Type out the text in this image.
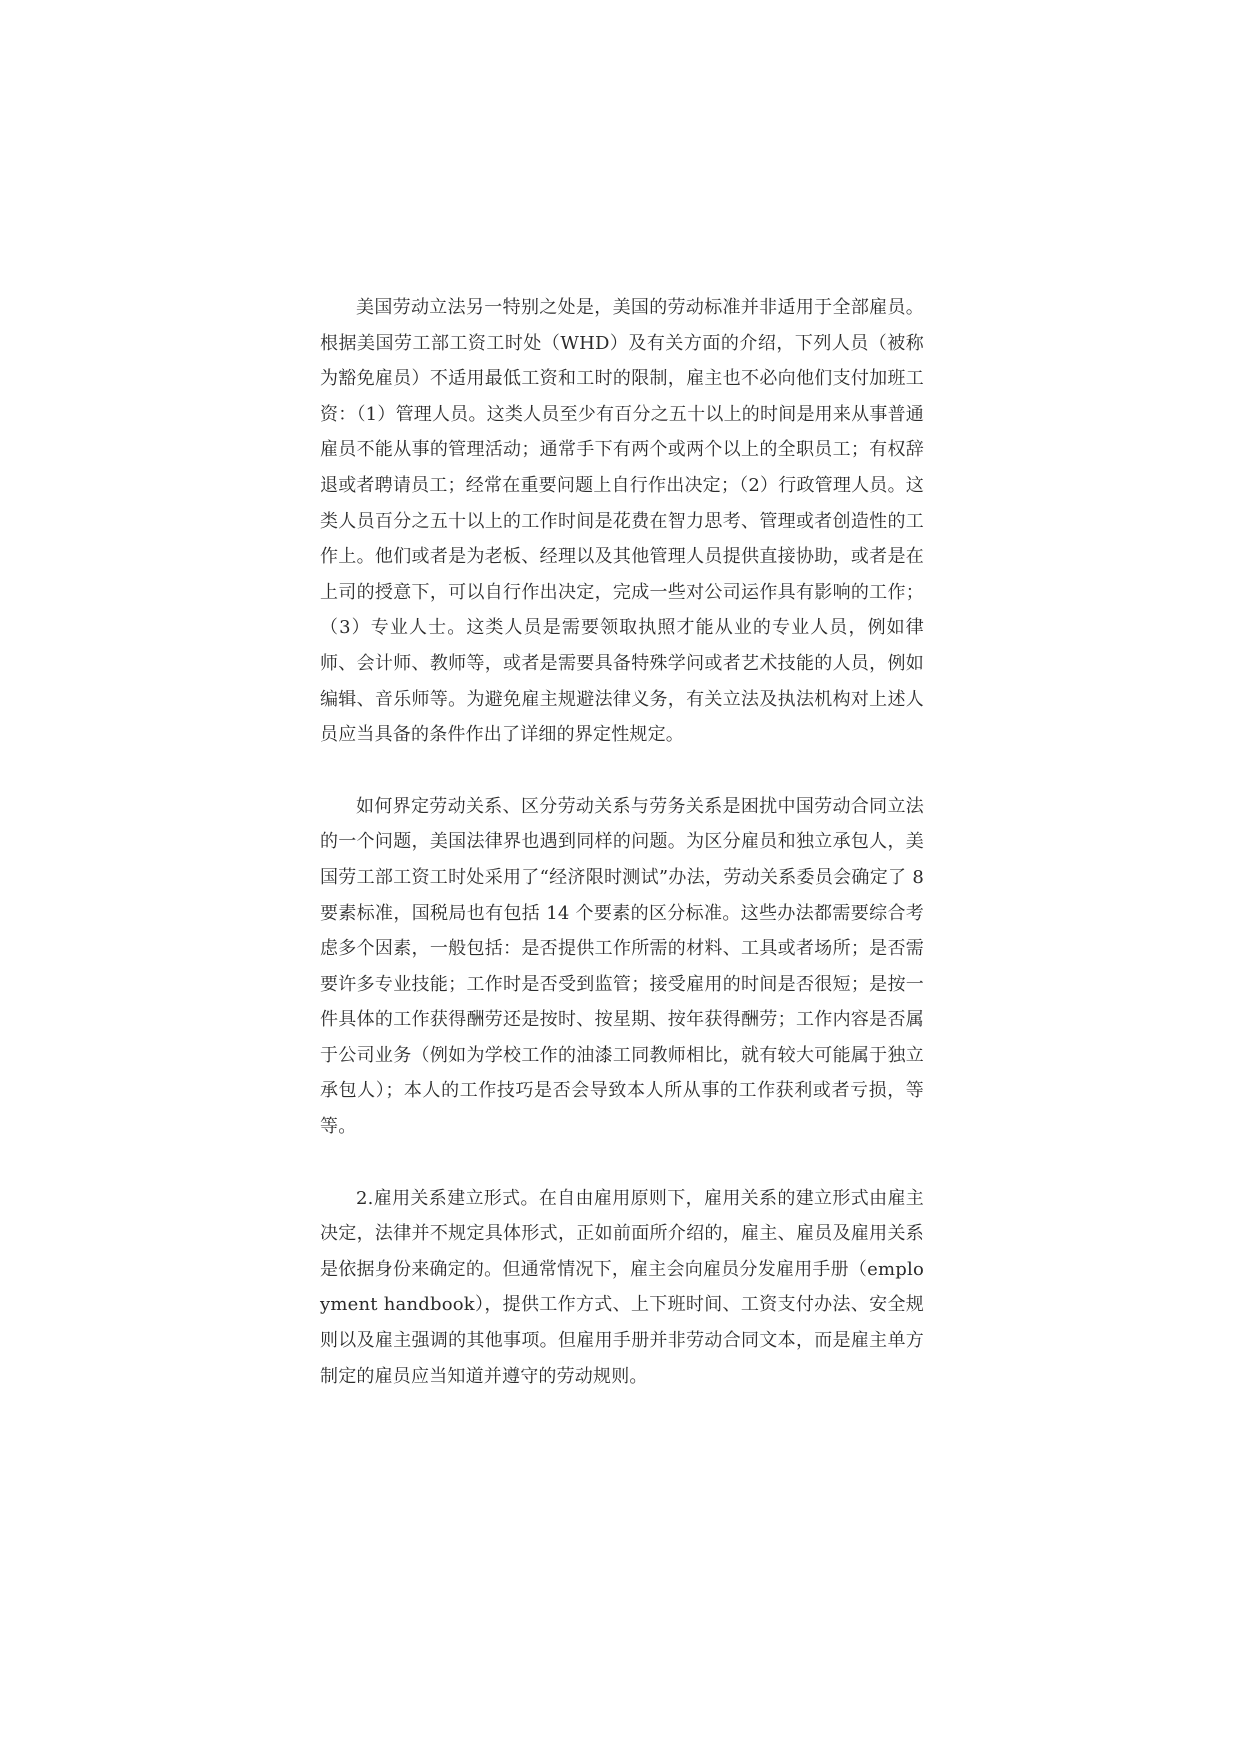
美国劳动立法另一特别之处是，美国的劳动标准并非适用于全部雇员。根据美国劳工部工资工时处（WHD）及有关方面的介绍，下列人员（被称为豁免雇员）不适用最低工资和工时的限制，雇主也不必向他们支付加班工资：（1）管理人员。这类人员至少有百分之五十以上的时间是用来从事普通雇员不能从事的管理活动；通常手下有两个或两个以上的全职员工；有权辞退或者聘请员工；经常在重要问题上自行作出决定；（2）行政管理人员。这类人员百分之五十以上的工作时间是花费在智力思考、管理或者创造性的工作上。他们或者是为老板、经理以及其他管理人员提供直接协助，或者是在上司的授意下，可以自行作出决定，完成一些对公司运作具有影响的工作；（3）专业人士。这类人员是需要领取执照才能从业的专业人员，例如律师、会计师、教师等，或者是需要具备特殊学问或者艺术技能的人员，例如编辑、音乐师等。为避免雇主规避法律义务，有关立法及执法机构对上述人员应当具备的条件作出了详细的界定性规定。

如何界定劳动关系、区分劳动关系与劳务关系是困扰中国劳动合同立法的一个问题，美国法律界也遇到同样的问题。为区分雇员和独立承包人，美国劳工部工资工时处采用了“经济限时测试”办法，劳动关系委员会确定了 8 要素标准，国税局也有包括 14 个要素的区分标准。这些办法都需要综合考虑多个因素，一般包括：是否提供工作所需的材料、工具或者场所；是否需要许多专业技能；工作时是否受到监管；接受雇用的时间是否很短；是按一件具体的工作获得酬劳还是按时、按星期、按年获得酬劳；工作内容是否属于公司业务（例如为学校工作的油漆工同教师相比，就有较大可能属于独立承包人）；本人的工作技巧是否会导致本人所从事的工作获利或者亏损，等等。

2.雇用关系建立形式。在自由雇用原则下，雇用关系的建立形式由雇主决定，法律并不规定具体形式，正如前面所介绍的，雇主、雇员及雇用关系是依据身份来确定的。但通常情况下，雇主会向雇员分发雇用手册（employment handbook），提供工作方式、上下班时间、工资支付办法、安全规则以及雇主强调的其他事项。但雇用手册并非劳动合同文本，而是雇主单方制定的雇员应当知道并遵守的劳动规则。
